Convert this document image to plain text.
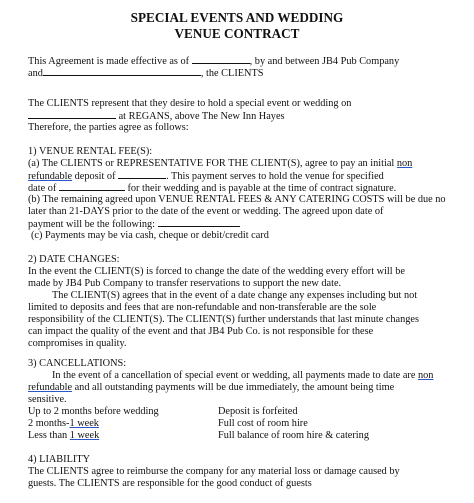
SPECIAL EVENTS AND WEDDING

VENUE CONTRACT

This Agreement is made effective as of	, by and between JB4 Pub Company
and	, the CLIENTS
The CLIENTS represent that they desire to hold a special event or wedding on
at REGANS, above The New Inn Hayes
Therefore, the parties agree as follows:
1) VENUE RENTAL FEE(S):
(a) The CLIENTS or REPRESENTATIVE FOR THE CLIENT(S), agree to pay an initial non
refundable deposit of	. This payment serves to hold the venue for specified
date of	for their wedding and is payable at the time of contract signature.
(b) The remaining agreed upon VENUE RENTAL FEES & ANY CATERING COSTS will be due no
later than 21-DAYS prior to the date of the event or wedding. The agreed upon date of
payment will be the following:
(c) Payments may be via cash, cheque or debit/credit card
2) DATE CHANGES:
In the event the CLIENT(S) is forced to change the date of the wedding every effort will be
made by JB4 Pub Company to transfer reservations to support the new date.
The CLIENT(S) agrees that in the event of a date change any expenses including but not
limited to deposits and fees that are non-refundable and non-transferable are the sole
responsibility of the CLIENT(S). The CLIENT(S) further understands that last minute changes
can impact the quality of the event and that JB4 Pub Co. is not responsible for these
compromises in quality.
3) CANCELLATIONS:
In the event of a cancellation of special event or wedding, all payments made to date are non
refundable and all outstanding payments will be due immediately, the amount being time
sensitive.
Up to 2 months before wedding	Deposit is forfeited
2 months-1 week	Full cost of room hire
Less than 1 week	Full balance of room hire & catering
4) LIABILITY
The CLIENTS agree to reimburse the company for any material loss or damage caused by
guests. The CLIENTS are responsible for the good conduct of guests
